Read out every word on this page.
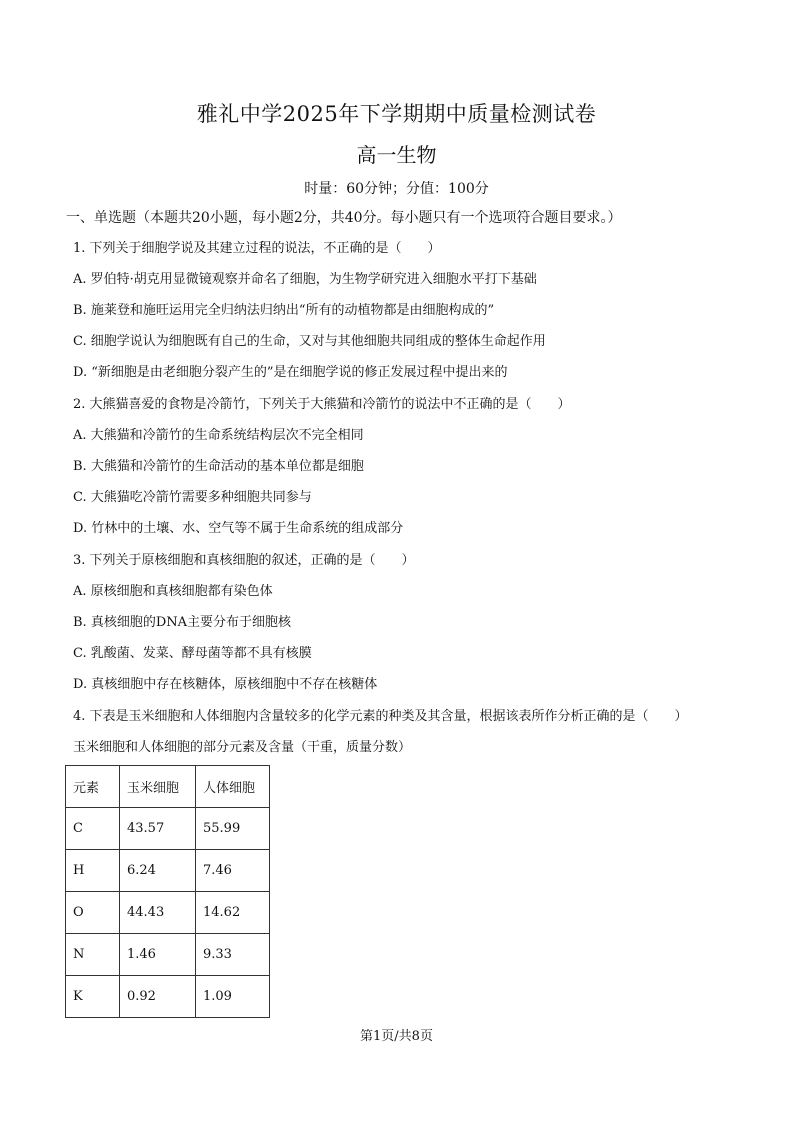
雅礼中学2025年下学期期中质量检测试卷
高一生物
时量：60分钟；分值：100分
一、单选题（本题共20小题，每小题2分，共40分。每小题只有一个选项符合题目要求。）
1. 下列关于细胞学说及其建立过程的说法，不正确的是（　　）
A. 罗伯特·胡克用显微镜观察并命名了细胞，为生物学研究进入细胞水平打下基础
B. 施莱登和施旺运用完全归纳法归纳出“所有的动植物都是由细胞构成的”
C. 细胞学说认为细胞既有自己的生命，又对与其他细胞共同组成的整体生命起作用
D. “新细胞是由老细胞分裂产生的”是在细胞学说的修正发展过程中提出来的
2. 大熊猫喜爱的食物是冷箭竹，下列关于大熊猫和冷箭竹的说法中不正确的是（　　）
A. 大熊猫和冷箭竹的生命系统结构层次不完全相同
B. 大熊猫和冷箭竹的生命活动的基本单位都是细胞
C. 大熊猫吃冷箭竹需要多种细胞共同参与
D. 竹林中的土壤、水、空气等不属于生命系统的组成部分
3. 下列关于原核细胞和真核细胞的叙述，正确的是（　　）
A. 原核细胞和真核细胞都有染色体
B. 真核细胞的DNA主要分布于细胞核
C. 乳酸菌、发菜、酵母菌等都不具有核膜
D. 真核细胞中存在核糖体，原核细胞中不存在核糖体
4. 下表是玉米细胞和人体细胞内含量较多的化学元素的种类及其含量，根据该表所作分析正确的是（　　）
玉米细胞和人体细胞的部分元素及含量（干重，质量分数）
元素	玉米细胞	人体细胞
C	43.57	55.99
H	6.24	7.46
O	44.43	14.62
N	1.46	9.33
K	0.92	1.09
第1页/共8页
